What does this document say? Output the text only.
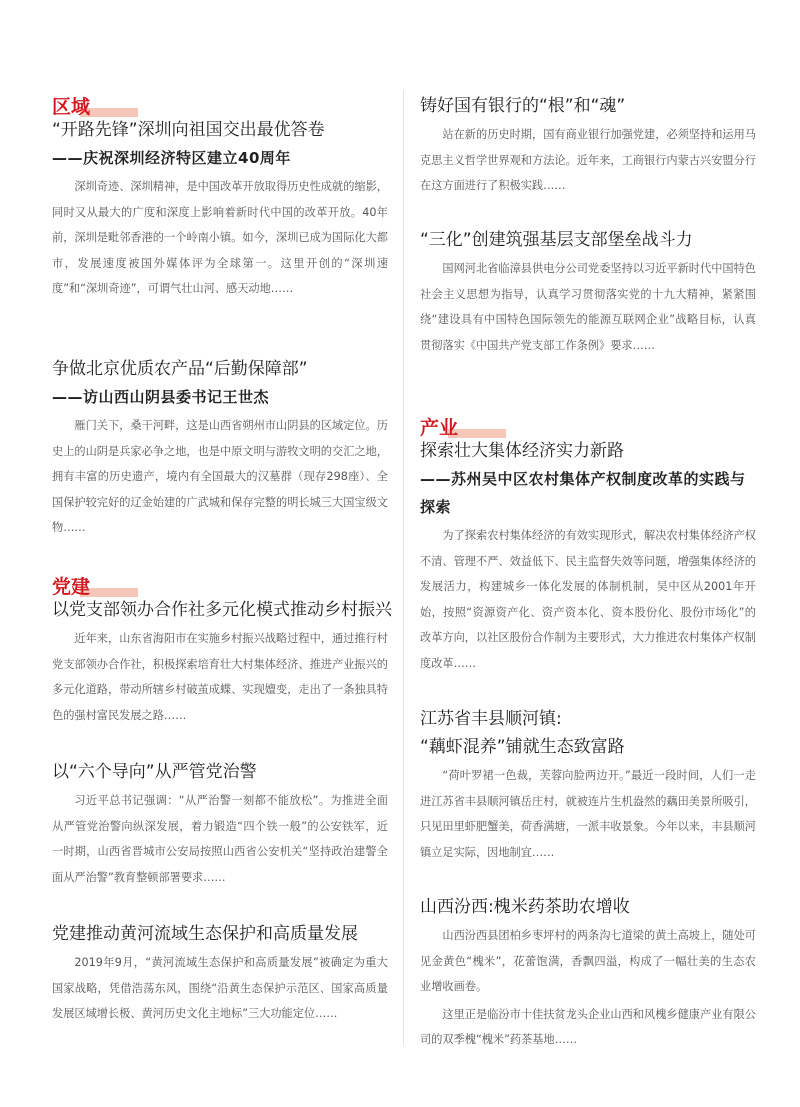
区域
“开路先锋”深圳向祖国交出最优答卷
——庆祝深圳经济特区建立40周年
深圳奇迹、深圳精神，是中国改革开放取得历史性成就的缩影，同时又从最大的广度和深度上影响着新时代中国的改革开放。40年前，深圳是毗邻香港的一个岭南小镇。如今，深圳已成为国际化大都市，发展速度被国外媒体评为全球第一。这里开创的“深圳速度”和“深圳奇迹”，可谓气壮山河、感天动地……
争做北京优质农产品“后勤保障部”
——访山西山阴县委书记王世杰
雁门关下，桑干河畔，这是山西省朔州市山阴县的区域定位。历史上的山阴是兵家必争之地，也是中原文明与游牧文明的交汇之地，拥有丰富的历史遗产，境内有全国最大的汉墓群（现存298座）、全国保护较完好的辽金始建的广武城和保存完整的明长城三大国宝级文物……
党建
以党支部领办合作社多元化模式推动乡村振兴
近年来，山东省海阳市在实施乡村振兴战略过程中，通过推行村党支部领办合作社，积极探索培育壮大村集体经济、推进产业振兴的多元化道路，带动所辖乡村破茧成蝶、实现嬗变，走出了一条独具特色的强村富民发展之路……
以“六个导向”从严管党治警
习近平总书记强调：“从严治警一刻都不能放松”。为推进全面从严管党治警向纵深发展，着力锻造“四个铁一般”的公安铁军，近一时期，山西省晋城市公安局按照山西省公安机关“坚持政治建警全面从严治警”教育整顿部署要求……
党建推动黄河流域生态保护和高质量发展
2019年9月，“黄河流域生态保护和高质量发展”被确定为重大国家战略，凭借浩荡东风，围绕“沿黄生态保护示范区、国家高质量发展区域增长极、黄河历史文化主地标”三大功能定位……
铸好国有银行的“根”和“魂”
站在新的历史时期，国有商业银行加强党建，必须坚持和运用马克思主义哲学世界观和方法论。近年来，工商银行内蒙古兴安盟分行在这方面进行了积极实践……
“三化”创建筑强基层支部堡垒战斗力
国网河北省临漳县供电分公司党委坚持以习近平新时代中国特色社会主义思想为指导，认真学习贯彻落实党的十九大精神，紧紧围绕“建设具有中国特色国际领先的能源互联网企业”战略目标，认真贯彻落实《中国共产党支部工作条例》要求……
产业
探索壮大集体经济实力新路
——苏州吴中区农村集体产权制度改革的实践与探索
为了探索农村集体经济的有效实现形式，解决农村集体经济产权不清、管理不严、效益低下、民主监督失效等问题，增强集体经济的发展活力，构建城乡一体化发展的体制机制，吴中区从2001年开始，按照“资源资产化、资产资本化、资本股份化、股份市场化”的改革方向，以社区股份合作制为主要形式，大力推进农村集体产权制度改革……
江苏省丰县顺河镇:
“藕虾混养”铺就生态致富路
“荷叶罗裙一色裁，芙蓉向脸两边开。”最近一段时间，人们一走进江苏省丰县顺河镇岳庄村，就被连片生机盎然的藕田美景所吸引，只见田里虾肥蟹美，荷香满塘，一派丰收景象。今年以来，丰县顺河镇立足实际，因地制宜……
山西汾西:槐米药茶助农增收
山西汾西县团柏乡枣坪村的两条沟七道梁的黄土高坡上，随处可见金黄色“槐米”，花蕾饱满，香飘四溢，构成了一幅壮美的生态农业增收画卷。
这里正是临汾市十佳扶贫龙头企业山西和风槐乡健康产业有限公司的双季槐“槐米”药茶基地……
